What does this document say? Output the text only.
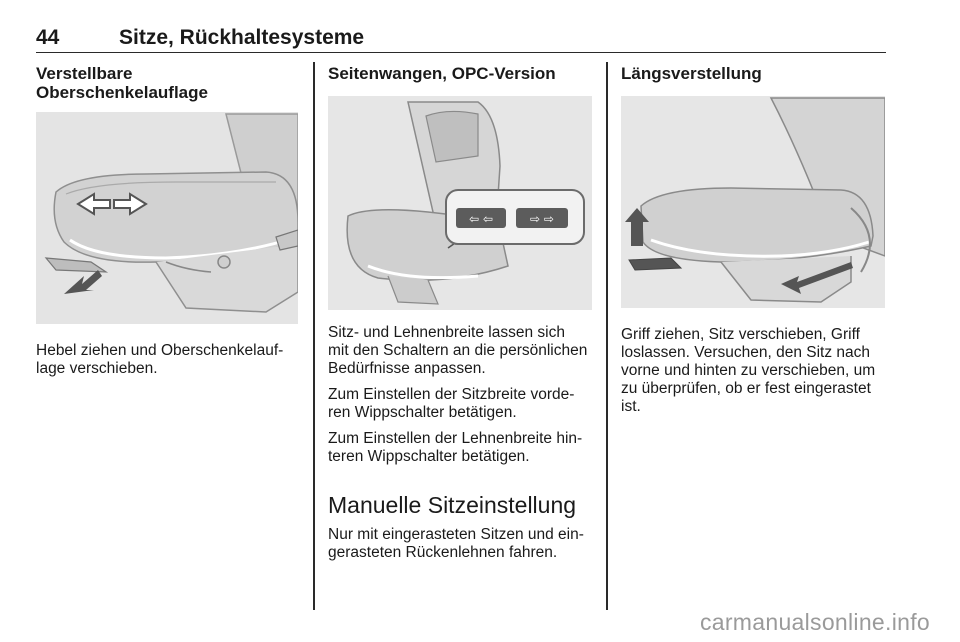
44	Sitze, Rückhaltesysteme

Verstellbare
Oberschenkelauflage

Hebel ziehen und Oberschenkelauf-
lage verschieben.

Seitenwangen, OPC-Version

⇦ ⇦	⇨ ⇨

Sitz- und Lehnenbreite lassen sich
mit den Schaltern an die persönlichen
Bedürfnisse anpassen.

Zum Einstellen der Sitzbreite vorde-
ren Wippschalter betätigen.

Zum Einstellen der Lehnenbreite hin-
teren Wippschalter betätigen.

Manuelle Sitzeinstellung

Nur mit eingerasteten Sitzen und ein-
gerasteten Rückenlehnen fahren.

Längsverstellung

Griff ziehen, Sitz verschieben, Griff
loslassen. Versuchen, den Sitz nach
vorne und hinten zu verschieben, um
zu überprüfen, ob er fest eingerastet
ist.

carmanualsonline.info
